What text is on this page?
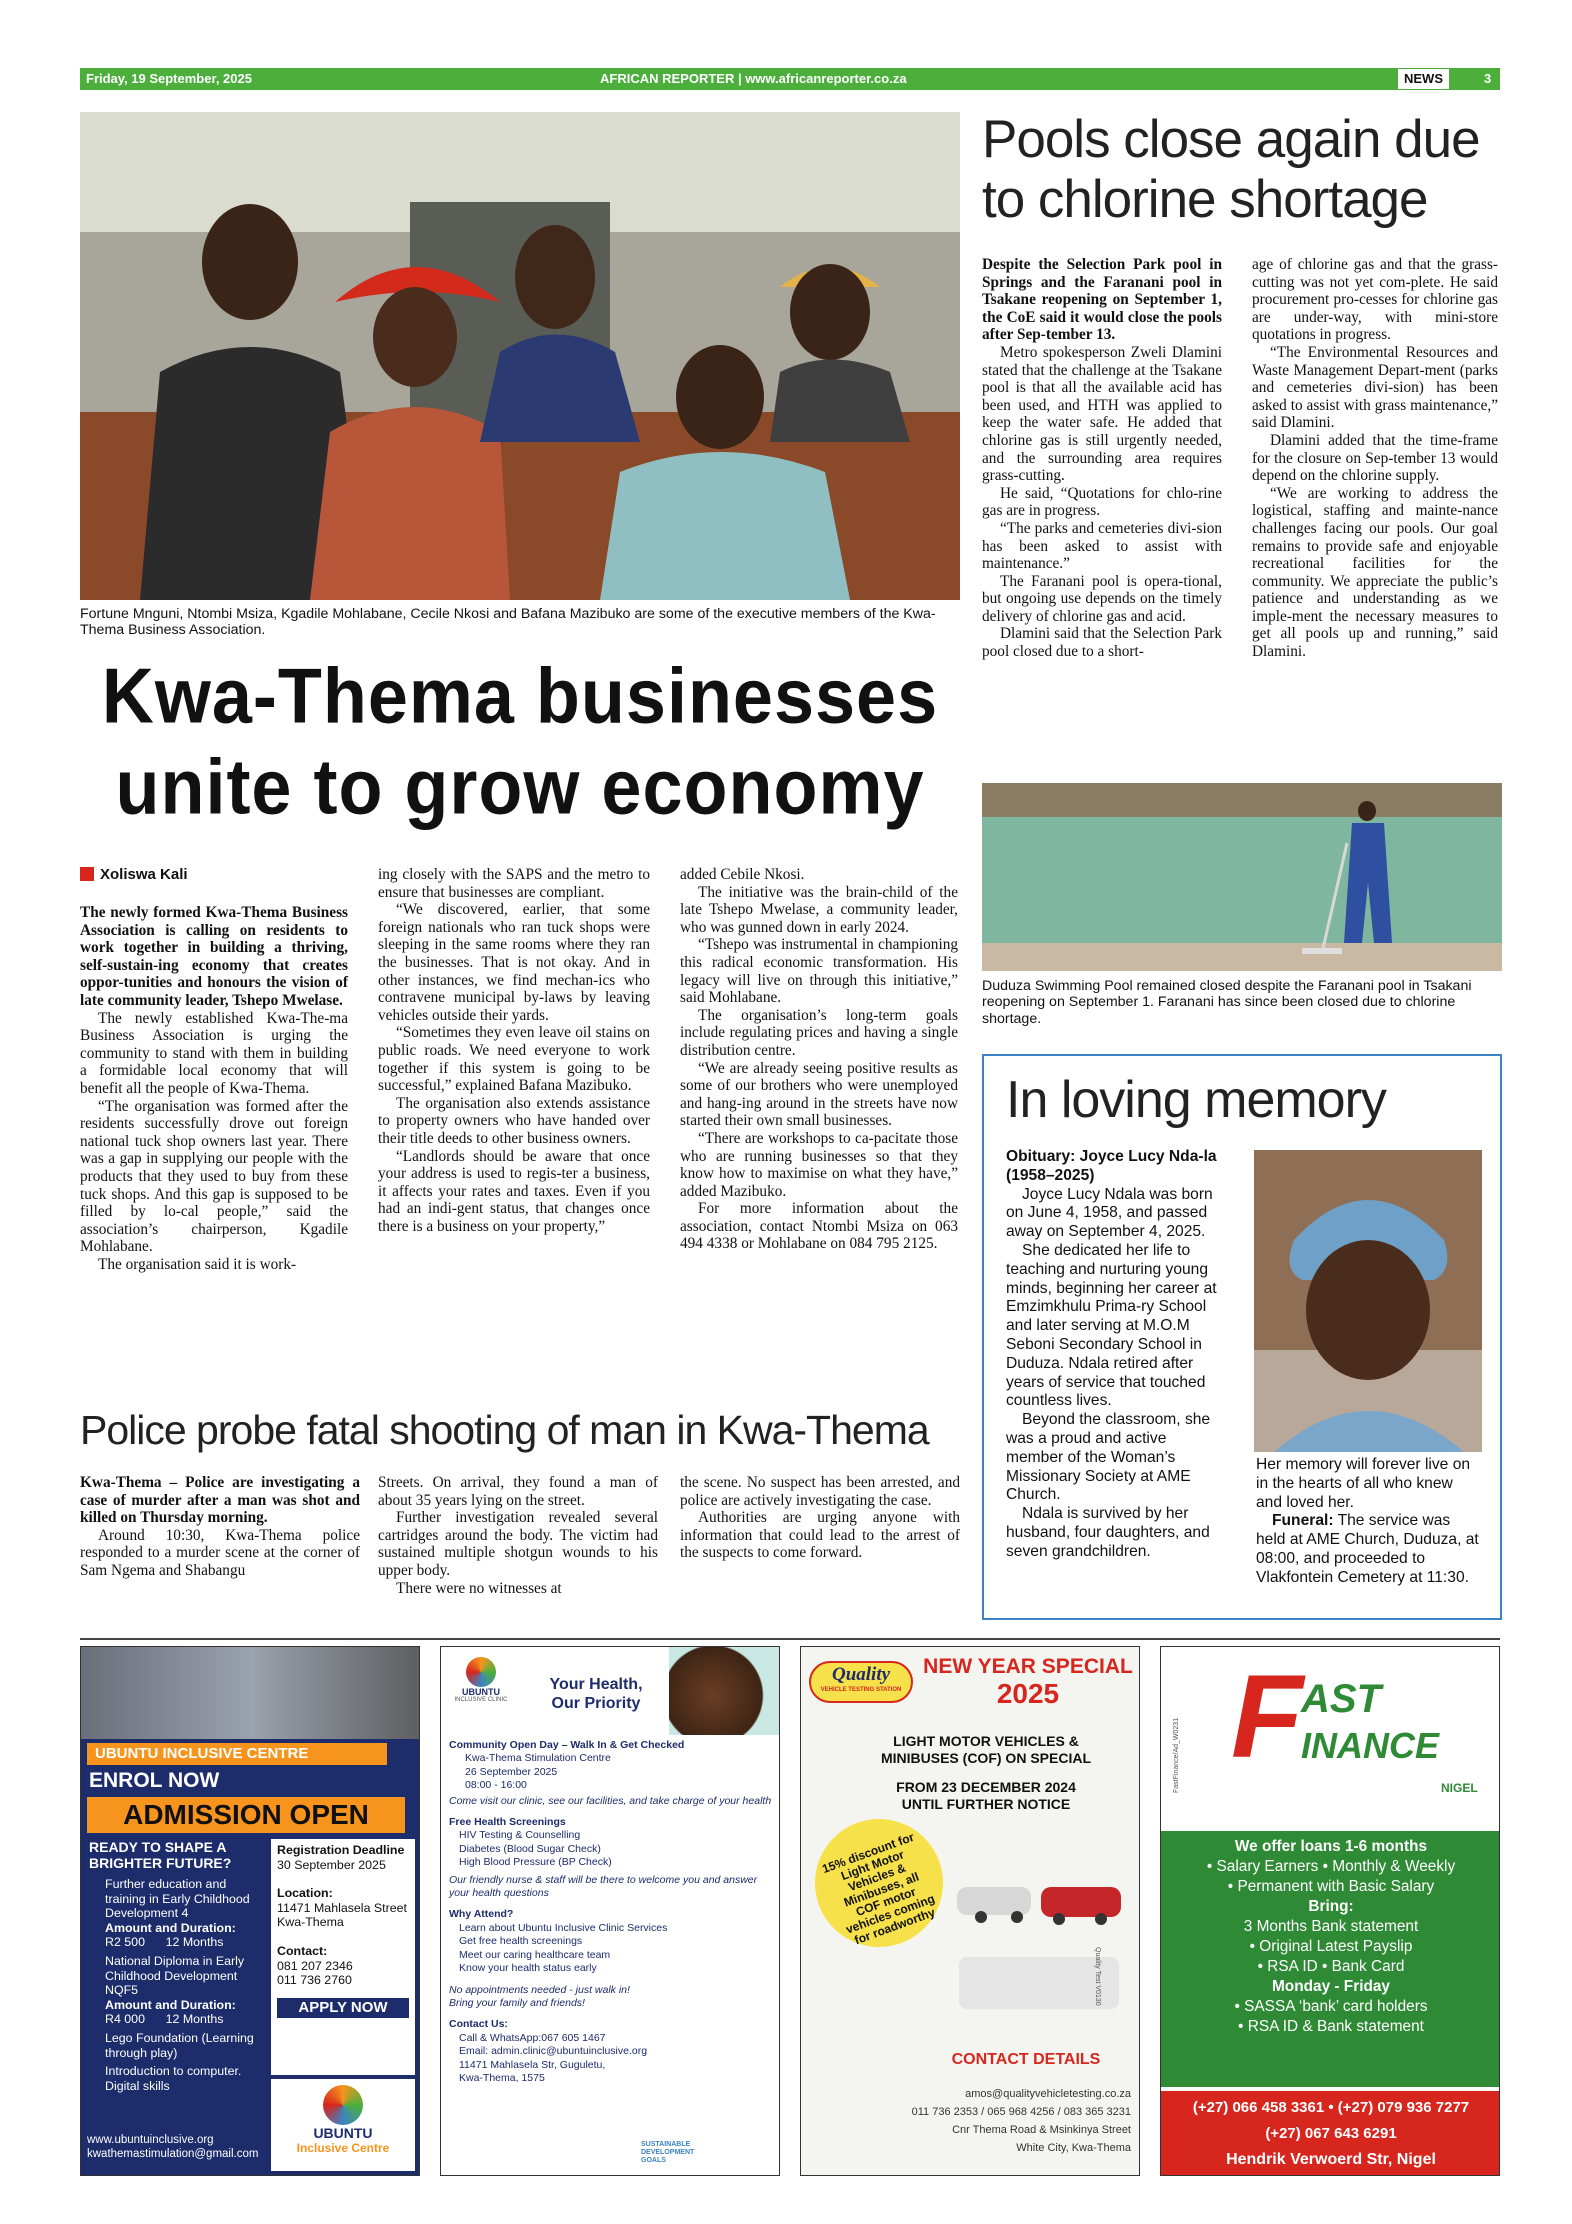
Friday, 19 September, 2025	AFRICAN REPORTER | www.africanreporter.co.za	NEWS	3
Fortune Mnguni, Ntombi Msiza, Kgadile Mohlabane, Cecile Nkosi and Bafana Mazibuko are some of the executive members of the Kwa-Thema Business Association.
Kwa-Thema businesses
unite to grow economy
Xoliswa Kali

The newly formed Kwa-Thema Business Association is calling on residents to work together in building a thriving, self-sustain-ing economy that creates oppor-tunities and honours the vision of late community leader, Tshepo Mwelase.

The newly established Kwa-The-ma Business Association is urging the community to stand with them in building a formidable local economy that will benefit all the people of Kwa-Thema.

“The organisation was formed after the residents successfully drove out foreign national tuck shop owners last year. There was a gap in supplying our people with the products that they used to buy from these tuck shops. And this gap is supposed to be filled by lo-cal people,” said the association’s chairperson, Kgadile Mohlabane.

The organisation said it is work-

ing closely with the SAPS and the metro to ensure that businesses are compliant.

“We discovered, earlier, that some foreign nationals who ran tuck shops were sleeping in the same rooms where they ran the businesses. That is not okay. And in other instances, we find mechan-ics who contravene municipal by-laws by leaving vehicles outside their yards.

“Sometimes they even leave oil stains on public roads. We need everyone to work together if this system is going to be successful,” explained Bafana Mazibuko.

The organisation also extends assistance to property owners who have handed over their title deeds to other business owners.

“Landlords should be aware that once your address is used to regis-ter a business, it affects your rates and taxes. Even if you had an indi-gent status, that changes once there is a business on your property,”

added Cebile Nkosi.

The initiative was the brain-child of the late Tshepo Mwelase, a community leader, who was gunned down in early 2024.

“Tshepo was instrumental in championing this radical economic transformation. His legacy will live on through this initiative,” said Mohlabane.

The organisation’s long-term goals include regulating prices and having a single distribution centre.

“We are already seeing positive results as some of our brothers who were unemployed and hang-ing around in the streets have now started their own small businesses.

“There are workshops to ca-pacitate those who are running businesses so that they know how to maximise on what they have,” added Mazibuko.

For more information about the association, contact Ntombi Msiza on 063 494 4338 or Mohlabane on 084 795 2125.

Pools close again due
to chlorine shortage

Despite the Selection Park pool in Springs and the Faranani pool in Tsakane reopening on September 1, the CoE said it would close the pools after Sep-tember 13.

Metro spokesperson Zweli Dlamini stated that the challenge at the Tsakane pool is that all the available acid has been used, and HTH was applied to keep the water safe. He added that chlorine gas is still urgently needed, and the surrounding area requires grass-cutting.

He said, “Quotations for chlo-rine gas are in progress.

“The parks and cemeteries divi-sion has been asked to assist with maintenance.”

The Faranani pool is opera-tional, but ongoing use depends on the timely delivery of chlorine gas and acid.

Dlamini said that the Selection Park pool closed due to a short-

age of chlorine gas and that the grass-cutting was not yet com-plete. He said procurement pro-cesses for chlorine gas are under-way, with mini-store quotations in progress.

“The Environmental Resources and Waste Management Depart-ment (parks and cemeteries divi-sion) has been asked to assist with grass maintenance,” said Dlamini.

Dlamini added that the time-frame for the closure on Sep-tember 13 would depend on the chlorine supply.

“We are working to address the logistical, staffing and mainte-nance challenges facing our pools. Our goal remains to provide safe and enjoyable recreational facilities for the community. We appreciate the public’s patience and understanding as we imple-ment the necessary measures to get all pools up and running,” said Dlamini.

Duduza Swimming Pool remained closed despite the Faranani pool in Tsakani reopening on September 1. Faranani has since been closed due to chlorine shortage.
In loving memory
Obituary: Joyce Lucy Nda-la (1958–2025)

Joyce Lucy Ndala was born on June 4, 1958, and passed away on September 4, 2025.

She dedicated her life to teaching and nurturing young minds, beginning her career at Emzimkhulu Prima-ry School and later serving at M.O.M Seboni Secondary School in Duduza. Ndala retired after years of service that touched countless lives.

Beyond the classroom, she was a proud and active member of the Woman’s Missionary Society at AME Church.

Ndala is survived by her husband, four daughters, and seven grandchildren.

Her memory will forever live on in the hearts of all who knew and loved her.

Funeral: The service was held at AME Church, Duduza, at 08:00, and proceeded to Vlakfontein Cemetery at 11:30.

Police probe fatal shooting of man in Kwa-Thema

Kwa-Thema – Police are investigating a case of murder after a man was shot and killed on Thursday morning.

Around 10:30, Kwa-Thema police responded to a murder scene at the corner of Sam Ngema and Shabangu

Streets. On arrival, they found a man of about 35 years lying on the street.

Further investigation revealed several cartridges around the body. The victim had sustained multiple shotgun wounds to his upper body.

There were no witnesses at

the scene. No suspect has been arrested, and police are actively investigating the case.

Authorities are urging anyone with information that could lead to the arrest of the suspects to come forward.

UBUNTU INCLUSIVE CENTRE
ENROL NOW
ADMISSION OPEN
READY TO SHAPE A BRIGHTER FUTURE?
Further education and training in Early Childhood Development 4
Amount and Duration:
R2 500      12 Months
National Diploma in Early Childhood Development NQF5
Amount and Duration:
R4 000      12 Months
Lego Foundation (Learning through play)
Introduction to computer. Digital skills
Registration Deadline
30 September 2025
Location:
11471 Mahlasela Street Kwa-Thema
Contact:
081 207 2346
011 736 2760
APPLY NOW
UBUNTU
Inclusive Centre
www.ubuntuinclusive.org
kwathemastimulation@gmail.com
UBUNTU
INCLUSIVE CLINIC
Your Health,
Our Priority
Community Open Day – Walk In & Get Checked
Kwa-Thema Stimulation Centre
26 September 2025
08:00 - 16:00
Come visit our clinic, see our facilities, and take charge of your health
Free Health Screenings
HIV Testing & Counselling
Diabetes (Blood Sugar Check)
High Blood Pressure (BP Check)
Our friendly nurse & staff will be there to welcome you and answer your health questions
Why Attend?
Learn about Ubuntu Inclusive Clinic Services
Get free health screenings
Meet our caring healthcare team
Know your health status early
No appointments needed - just walk in!
Bring your family and friends!
Contact Us:
Call & WhatsApp:067 605 1467
Email: admin.clinic@ubuntuinclusive.org
11471 Mahlasela Str, Guguletu,
Kwa-Thema, 1575
SUSTAINABLE DEVELOPMENT GOALS
Quality
VEHICLE TESTING STATION
NEW YEAR SPECIAL
2025
LIGHT MOTOR VEHICLES &
MINIBUSES (COF) ON SPECIAL
FROM 23 DECEMBER 2024
UNTIL FURTHER NOTICE
15% discount for Light Motor Vehicles & Minibuses, all COF motor vehicles coming for roadworthy
CONTACT DETAILS
amos@qualityvehicletesting.co.za
011 736 2353 / 065 968 4256 / 083 365 3231
Cnr Thema Road & Msinkinya Street
White City, Kwa-Thema
Quality Test V0130
F
AST
INANCE
NIGEL
FastFinance/Ad_W0231
We offer loans 1-6 months
• Salary Earners • Monthly & Weekly
• Permanent with Basic Salary
Bring:
3 Months Bank statement
• Original Latest Payslip
• RSA ID • Bank Card
Monday - Friday
• SASSA ‘bank’ card holders
• RSA ID & Bank statement
(+27) 066 458 3361 • (+27) 079 936 7277
(+27) 067 643 6291
Hendrik Verwoerd Str, Nigel
